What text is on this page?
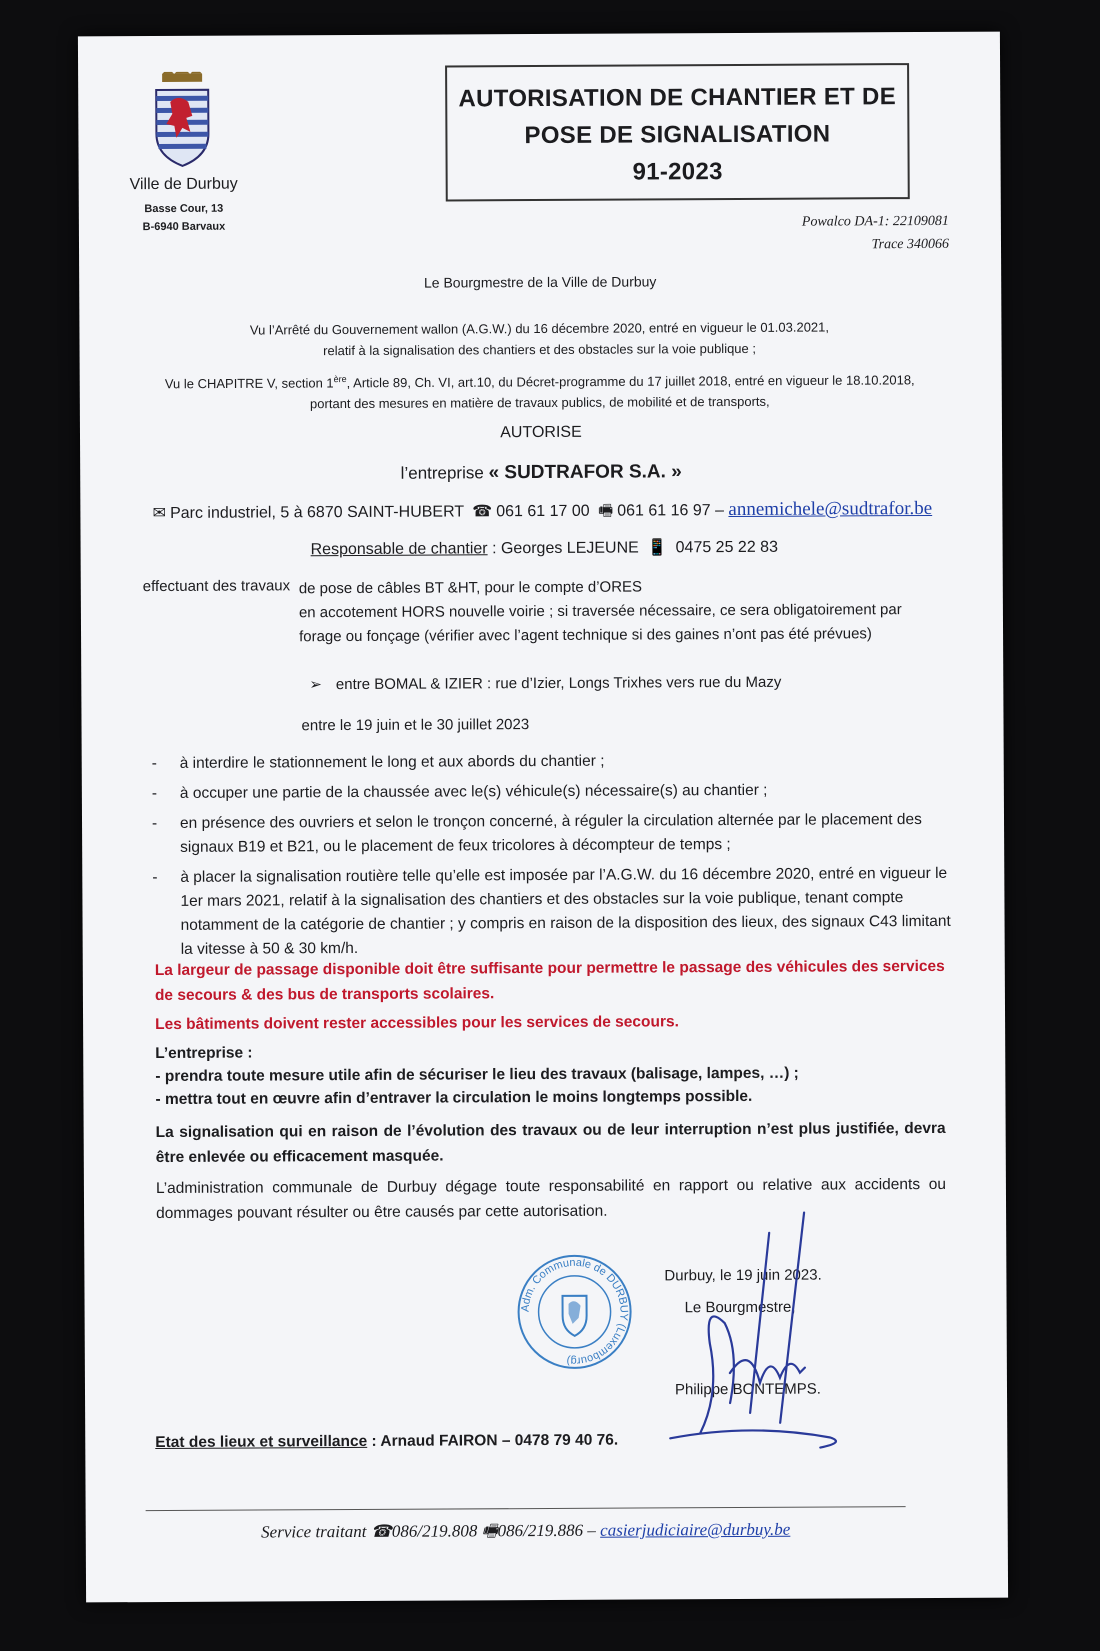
Ville de Durbuy
Basse Cour, 13
B-6940 Barvaux
AUTORISATION DE CHANTIER ET DE
POSE DE SIGNALISATION
91-2023
Powalco DA-1: 22109081
Trace 340066
Le Bourgmestre de la Ville de Durbuy
Vu l’Arrêté du Gouvernement wallon (A.G.W.) du 16 décembre 2020, entré en vigueur le 01.03.2021,
relatif à la signalisation des chantiers et des obstacles sur la voie publique ;
Vu le CHAPITRE V, section 1ère, Article 89, Ch. VI, art.10, du Décret-programme du 17 juillet 2018, entré en vigueur le 18.10.2018,
portant des mesures en matière de travaux publics, de mobilité et de transports,
AUTORISE
l’entreprise « SUDTRAFOR S.A. »
✉ Parc industriel, 5 à 6870 SAINT-HUBERT ☎ 061 61 17 00 🖷 061 61 16 97 – annemichele@sudtrafor.be
Responsable de chantier : Georges LEJEUNE 📱 0475 25 22 83
effectuant des travaux de pose de câbles BT &HT, pour le compte d’ORES
en accotement HORS nouvelle voirie ; si traversée nécessaire, ce sera obligatoirement par
forage ou fonçage (vérifier avec l’agent technique si des gaines n’ont pas été prévues)
➢ entre BOMAL & IZIER : rue d’Izier, Longs Trixhes vers rue du Mazy
entre le 19 juin et le 30 juillet 2023
- à interdire le stationnement le long et aux abords du chantier ;
- à occuper une partie de la chaussée avec le(s) véhicule(s) nécessaire(s) au chantier ;
- en présence des ouvriers et selon le tronçon concerné, à réguler la circulation alternée par le placement des signaux B19 et B21, ou le placement de feux tricolores à décompteur de temps ;
- à placer la signalisation routière telle qu’elle est imposée par l’A.G.W. du 16 décembre 2020, entré en vigueur le 1er mars 2021, relatif à la signalisation des chantiers et des obstacles sur la voie publique, tenant compte notamment de la catégorie de chantier ; y compris en raison de la disposition des lieux, des signaux C43 limitant la vitesse à 50 & 30 km/h.
La largeur de passage disponible doit être suffisante pour permettre le passage des véhicules des services de secours & des bus de transports scolaires.
Les bâtiments doivent rester accessibles pour les services de secours.
L’entreprise :
- prendra toute mesure utile afin de sécuriser le lieu des travaux (balisage, lampes, …) ;
- mettra tout en œuvre afin d’entraver la circulation le moins longtemps possible.
La signalisation qui en raison de l’évolution des travaux ou de leur interruption n’est plus justifiée, devra être enlevée ou efficacement masquée.
L’administration communale de Durbuy dégage toute responsabilité en rapport ou relative aux accidents ou dommages pouvant résulter ou être causés par cette autorisation.
Adm. Communale de DURBUY (Luxembourg)
Durbuy, le 19 juin 2023.
Le Bourgmestre,
Philippe BONTEMPS.
Etat des lieux et surveillance : Arnaud FAIRON – 0478 79 40 76.
Service traitant ☎086/219.808 🖷086/219.886 – casierjudiciaire@durbuy.be
